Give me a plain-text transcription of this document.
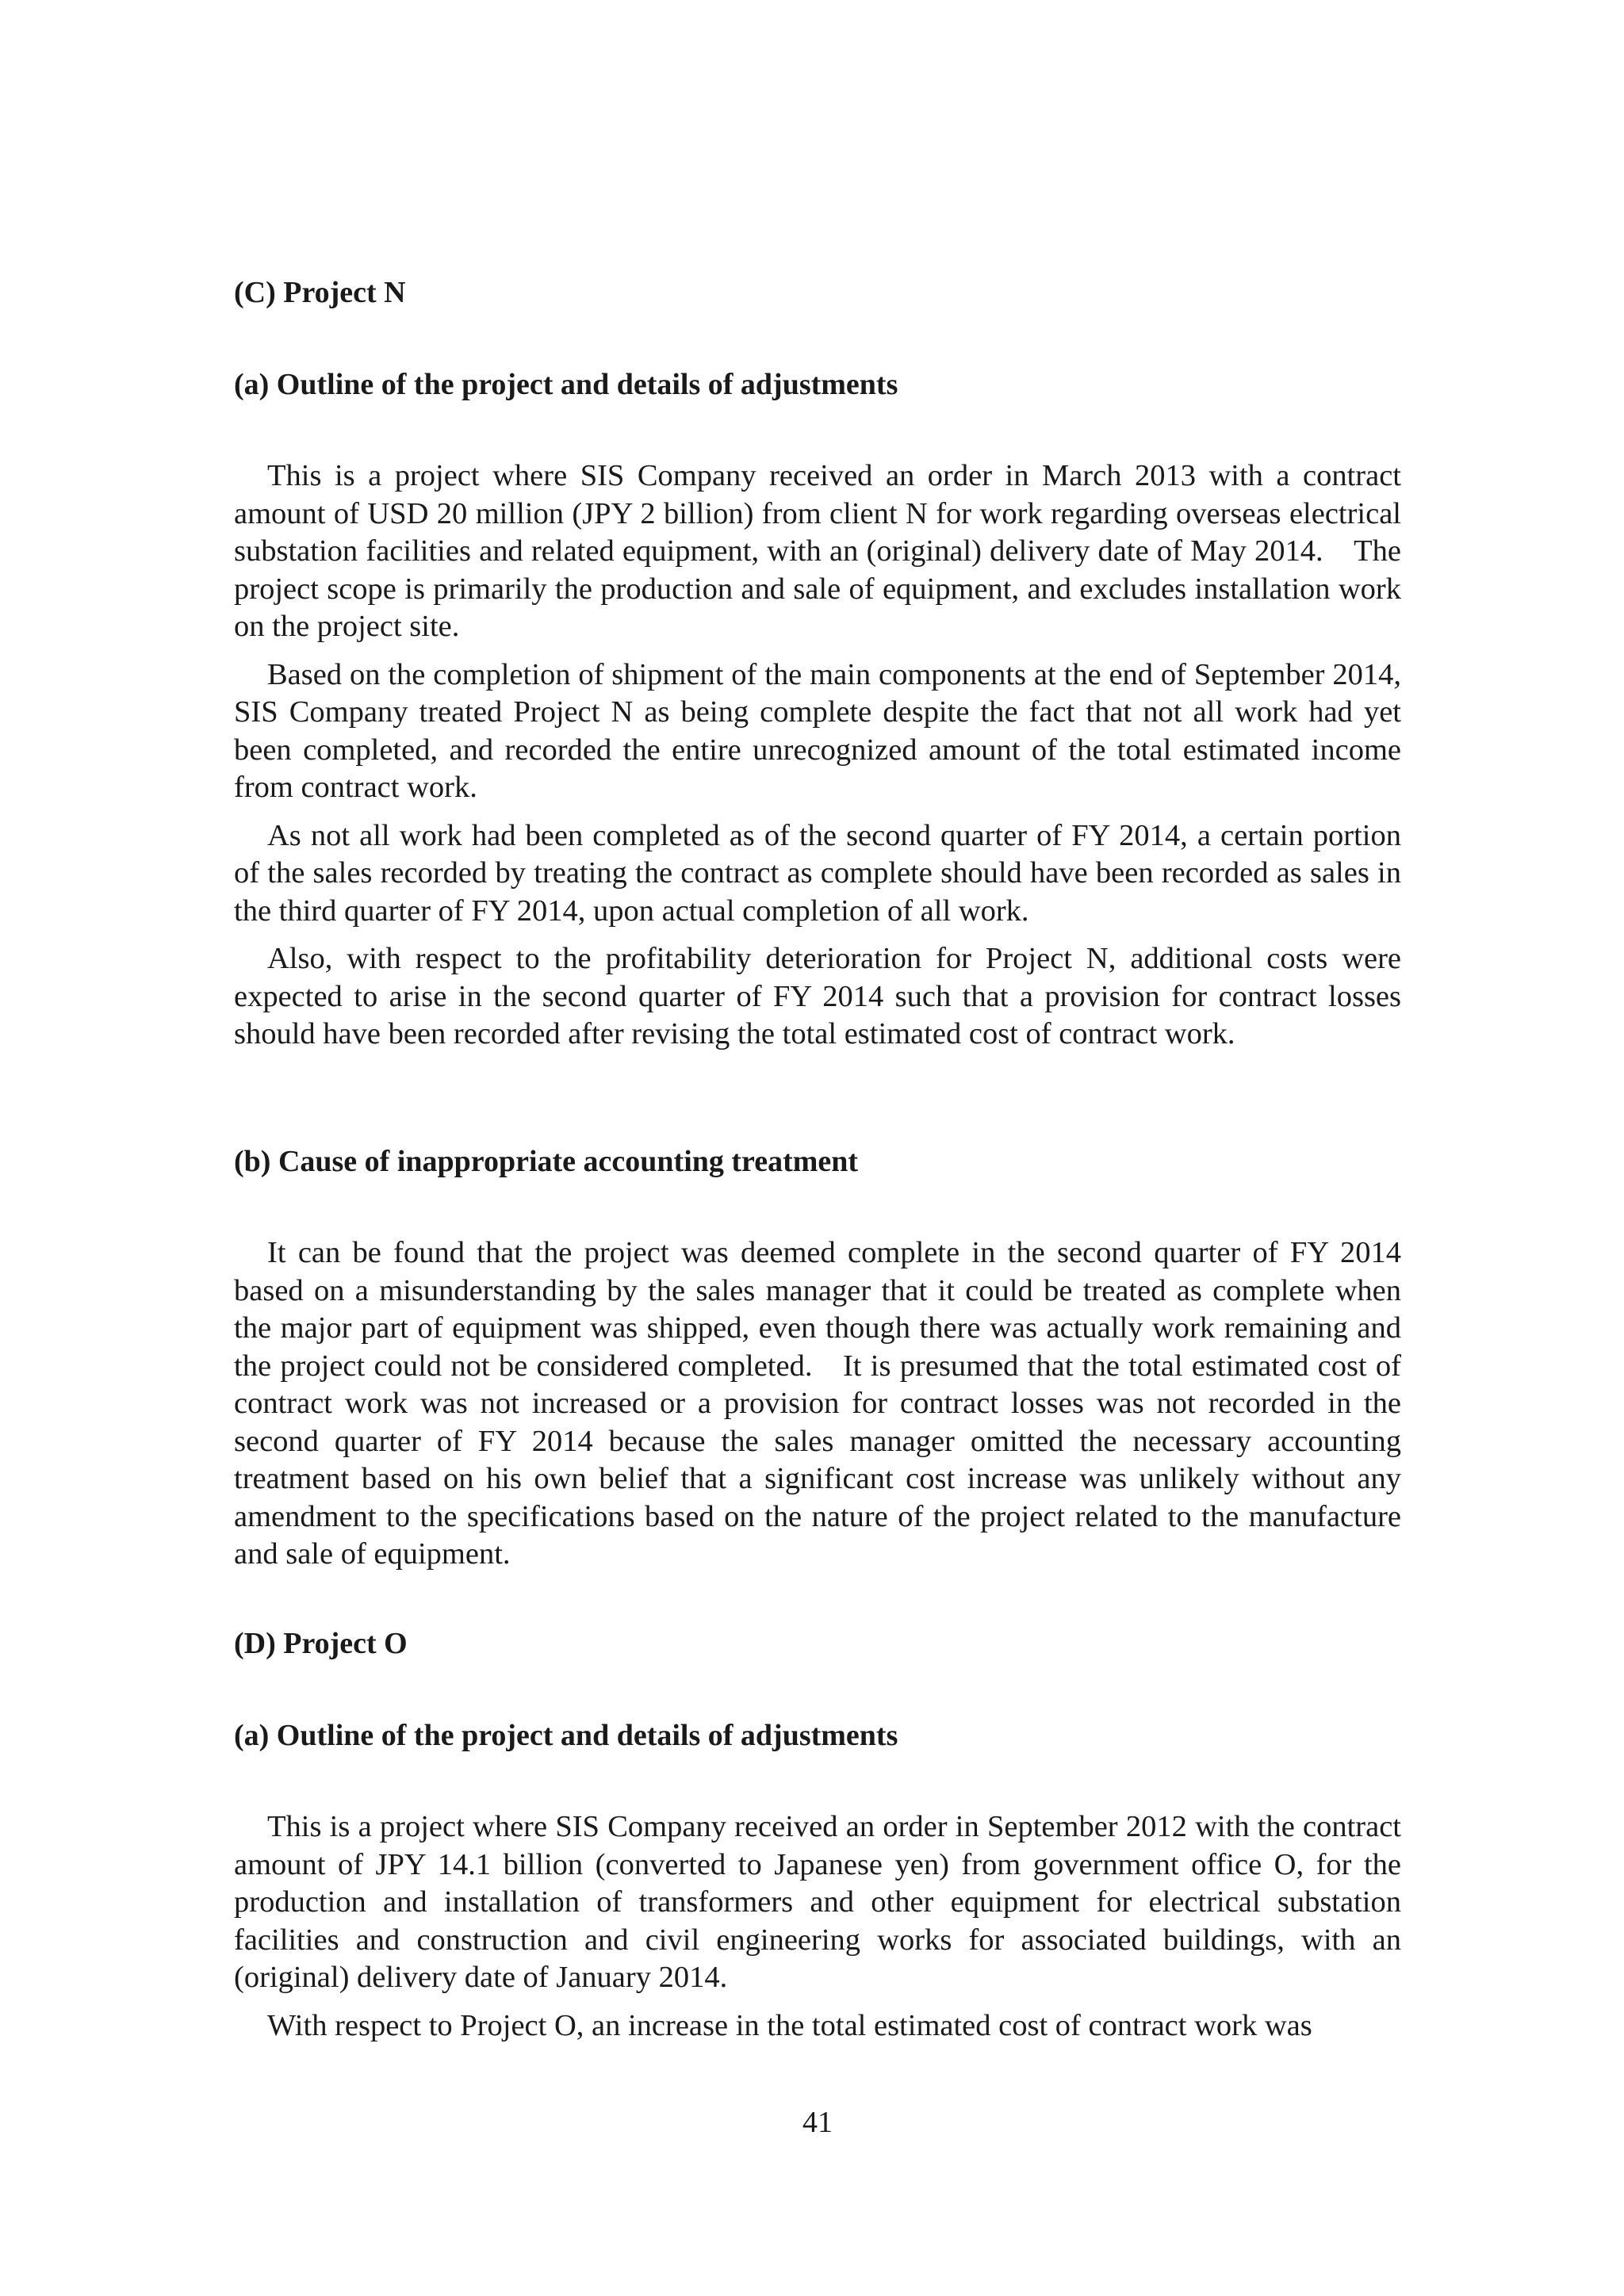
(C) Project N
(a) Outline of the project and details of adjustments

This is a project where SIS Company received an order in March 2013 with a contract amount of USD 20 million (JPY 2 billion) from client N for work regarding overseas electrical substation facilities and related equipment, with an (original) delivery date of May 2014. The project scope is primarily the production and sale of equipment, and excludes installation work on the project site.

Based on the completion of shipment of the main components at the end of September 2014, SIS Company treated Project N as being complete despite the fact that not all work had yet been completed, and recorded the entire unrecognized amount of the total estimated income from contract work.

As not all work had been completed as of the second quarter of FY 2014, a certain portion of the sales recorded by treating the contract as complete should have been recorded as sales in the third quarter of FY 2014, upon actual completion of all work.

Also, with respect to the profitability deterioration for Project N, additional costs were expected to arise in the second quarter of FY 2014 such that a provision for contract losses should have been recorded after revising the total estimated cost of contract work.

(b) Cause of inappropriate accounting treatment

It can be found that the project was deemed complete in the second quarter of FY 2014 based on a misunderstanding by the sales manager that it could be treated as complete when the major part of equipment was shipped, even though there was actually work remaining and the project could not be considered completed. It is presumed that the total estimated cost of contract work was not increased or a provision for contract losses was not recorded in the second quarter of FY 2014 because the sales manager omitted the necessary accounting treatment based on his own belief that a significant cost increase was unlikely without any amendment to the specifications based on the nature of the project related to the manufacture and sale of equipment.

(D) Project O
(a) Outline of the project and details of adjustments

This is a project where SIS Company received an order in September 2012 with the contract amount of JPY 14.1 billion (converted to Japanese yen) from government office O, for the production and installation of transformers and other equipment for electrical substation facilities and construction and civil engineering works for associated buildings, with an (original) delivery date of January 2014.

With respect to Project O, an increase in the total estimated cost of contract work was

41
